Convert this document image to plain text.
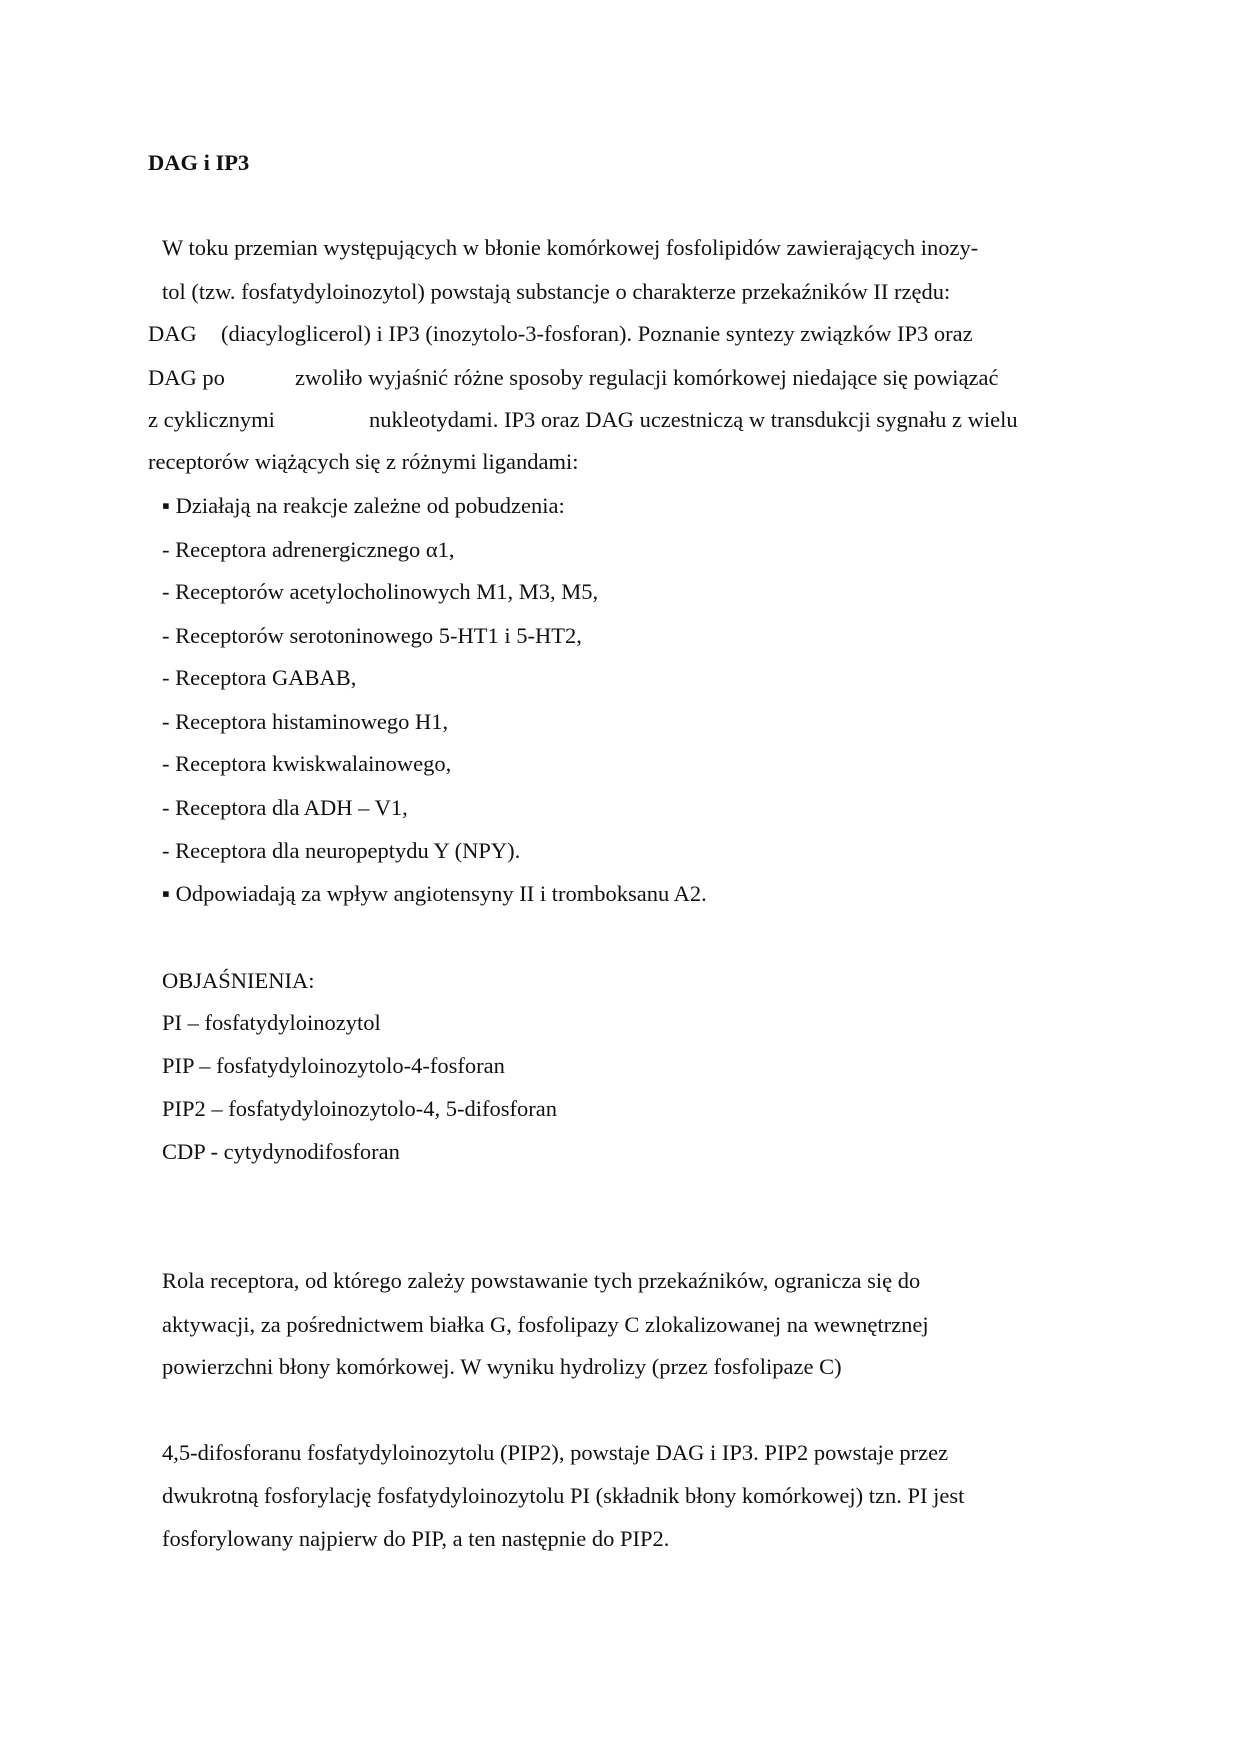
DAG i IP3
W toku przemian występujących w błonie komórkowej fosfolipidów zawierających inozy-
tol (tzw. fosfatydyloinozytol) powstają substancje o charakterze przekaźników II rzędu:
DAG (diacyloglicerol) i IP3 (inozytolo-3-fosforan). Poznanie syntezy związków IP3 oraz
DAG po	zwoliło wyjaśnić różne sposoby regulacji komórkowej niedające się powiązać
z cyklicznymi	nukleotydami. IP3 oraz DAG uczestniczą w transdukcji sygnału z wielu
receptorów wiążących się z różnymi ligandami:
▪ Działają na reakcje zależne od pobudzenia:
- Receptora adrenergicznego α1,
- Receptorów acetylocholinowych M1, M3, M5,
- Receptorów serotoninowego 5-HT1 i 5-HT2,
- Receptora GABAB,
- Receptora histaminowego H1,
- Receptora kwiskwalainowego,
- Receptora dla ADH – V1,
- Receptora dla neuropeptydu Y (NPY).
▪ Odpowiadają za wpływ angiotensyny II i tromboksanu A2.
OBJAŚNIENIA:
PI – fosfatydyloinozytol
PIP – fosfatydyloinozytolo-4-fosforan
PIP2 – fosfatydyloinozytolo-4, 5-difosforan
CDP - cytydynodifosforan
Rola receptora, od którego zależy powstawanie tych przekaźników, ogranicza się do
aktywacji, za pośrednictwem białka G, fosfolipazy C zlokalizowanej na wewnętrznej
powierzchni błony komórkowej. W wyniku hydrolizy (przez fosfolipaze C)
4,5-difosforanu fosfatydyloinozytolu (PIP2), powstaje DAG i IP3. PIP2 powstaje przez
dwukrotną fosforylację fosfatydyloinozytolu PI (składnik błony komórkowej) tzn. PI jest
fosforylowany najpierw do PIP, a ten następnie do PIP2.
